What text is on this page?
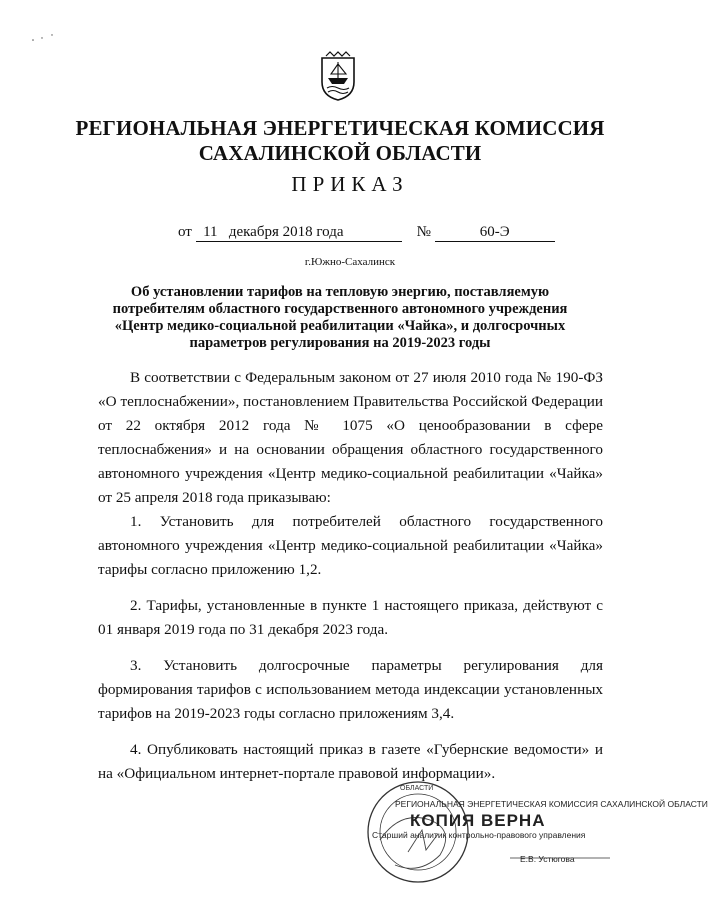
РЕГИОНАЛЬНАЯ ЭНЕРГЕТИЧЕСКАЯ КОМИССИЯ
САХАЛИНСКОЙ ОБЛАСТИ
ПРИКАЗ
от 11 декабря 2018 года	№	60-Э
г.Южно-Сахалинск
Об установлении тарифов на тепловую энергию, поставляемую
потребителям областного государственного автономного учреждения
«Центр медико-социальной реабилитации «Чайка», и долгосрочных
параметров регулирования на 2019-2023 годы

В соответствии с Федеральным законом от 27 июля 2010 года № 190-ФЗ «О теплоснабжении», постановлением Правительства Российской Федерации от 22 октября 2012 года № 1075 «О ценообразовании в сфере теплоснабжения» и на основании обращения областного государственного автономного учреждения «Центр медико-социальной реабилитации «Чайка» от 25 апреля 2018 года приказываю:

1. Установить для потребителей областного государственного автономного учреждения «Центр медико-социальной реабилитации «Чайка» тарифы согласно приложению 1,2.

2. Тарифы, установленные в пункте 1 настоящего приказа, действуют с 01 января 2019 года по 31 декабря 2023 года.

3. Установить долгосрочные параметры регулирования для формирования тарифов с использованием метода индексации установленных тарифов на 2019-2023 годы согласно приложениям 3,4.

4. Опубликовать настоящий приказ в газете «Губернские ведомости» и на «Официальном интернет-портале правовой информации».

ОБЛАСТИ
РЕГИОНАЛЬНАЯ ЭНЕРГЕТИЧЕСКАЯ КОМИССИЯ САХАЛИНСКОЙ ОБЛАСТИ
КОПИЯ ВЕРНА
Старший аналитик контрольно-правового управления
Е.В. Устюгова
